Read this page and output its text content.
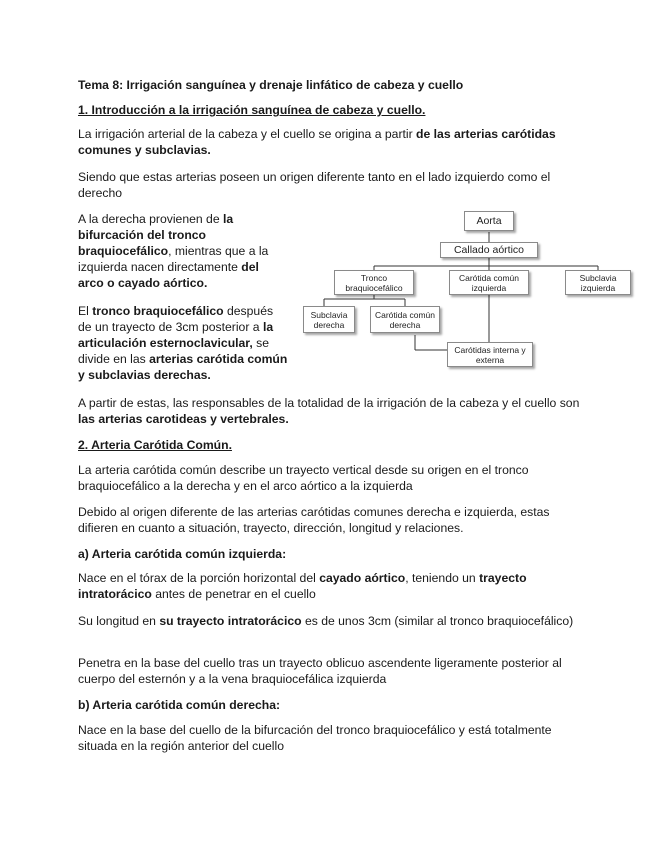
Tema 8: Irrigación sanguínea y drenaje linfático de cabeza y cuello

1. Introducción a la irrigación sanguínea de cabeza y cuello.

La irrigación arterial de la cabeza y el cuello se origina a partir de las arterias carótidas comunes y subclavias.

Siendo que estas arterias poseen un origen diferente tanto en el lado izquierdo como el derecho

A la derecha provienen de la bifurcación del tronco braquiocefálico, mientras que a la izquierda nacen directamente del arco o cayado aórtico.

El tronco braquiocefálico después de un trayecto de 3cm posterior a la articulación esternoclavicular, se divide en las arterias carótida común y subclavias derechas.

Aorta
Callado aórtico
Tronco braquiocefálico
Carótida común izquierda
Subclavia izquierda
Subclavia derecha
Carótida común derecha
Carótidas interna y externa

A partir de estas, las responsables de la totalidad de la irrigación de la cabeza y el cuello son las arterias carotideas y vertebrales.

2. Arteria Carótida Común.

La arteria carótida común describe un trayecto vertical desde su origen en el tronco braquiocefálico a la derecha y en el arco aórtico a la izquierda

Debido al origen diferente de las arterias carótidas comunes derecha e izquierda, estas difieren en cuanto a situación, trayecto, dirección, longitud y relaciones.

a) Arteria carótida común izquierda:

Nace en el tórax de la porción horizontal del cayado aórtico, teniendo un trayecto intratorácico antes de penetrar en el cuello

Su longitud en su trayecto intratorácico es de unos 3cm (similar al tronco braquiocefálico)

Penetra en la base del cuello tras un trayecto oblicuo ascendente ligeramente posterior al cuerpo del esternón y a la vena braquiocefálica izquierda

b) Arteria carótida común derecha:

Nace en la base del cuello de la bifurcación del tronco braquiocefálico y está totalmente situada en la región anterior del cuello
